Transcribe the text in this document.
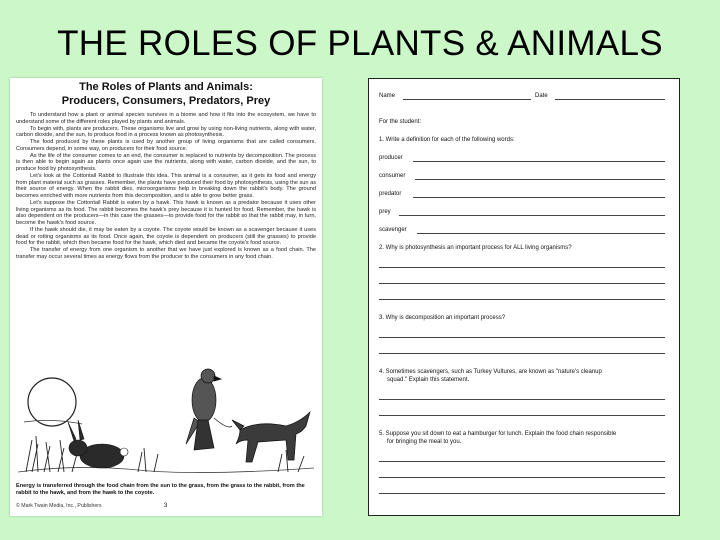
THE ROLES OF PLANTS & ANIMALS
The Roles of Plants and Animals:
Producers, Consumers, Predators, Prey

To understand how a plant or animal species survives in a biome and how it fits into the ecosystem, we have to understand some of the different roles played by plants and animals.

To begin with, plants are producers. These organisms live and grow by using non-living nutrients, along with water, carbon dioxide, and the sun, to produce food in a process known as photosynthesis.

The food produced by these plants is used by another group of living organisms that are called consumers. Consumers depend, in some way, on producers for their food source.

As the life of the consumer comes to an end, the consumer is replaced to nutrients by decomposition. The process is then able to begin again as plants once again use the nutrients, along with water, carbon dioxide, and the sun, to produce food by photosynthesis.

Let's look at the Cottontail Rabbit to illustrate this idea. This animal is a consumer, as it gets its food and energy from plant material such as grasses. Remember, the plants have produced their food by photosynthesis, using the sun as their source of energy. When the rabbit dies, microorganisms help in breaking down the rabbit's body. The ground becomes enriched with more nutrients from this decomposition, and is able to grow better grass.

Let's suppose the Cottontail Rabbit is eaten by a hawk. This hawk is known as a predator because it uses other living organisms as its food. The rabbit becomes the hawk's prey because it is hunted for food. Remember, the hawk is also dependent on the producers—in this case the grasses—to provide food for the rabbit so that the rabbit may, in turn, become the hawk's food source.

If the hawk should die, it may be eaten by a coyote. The coyote would be known as a scavenger because it uses dead or rotting organisms as its food. Once again, the coyote is dependent on producers (still the grasses) to provide food for the rabbit, which then became food for the hawk, which died and became the coyote's food source.

The transfer of energy from one organism to another that we have just explored is known as a food chain. The transfer may occur several times as energy flows from the producer to the consumers in any food chain.

Energy is transferred through the food chain from the sun to the grass, from the grass to the rabbit, from the rabbit to the hawk, and from the hawk to the coyote.
© Mark Twain Media, Inc., Publishers	3
Name	Date
For the student:
1. Write a definition for each of the following words:
producer
consumer
predator
prey
scavenger
2. Why is photosynthesis an important process for ALL living organisms?
3. Why is decomposition an important process?
4. Sometimes scavengers, such as Turkey Vultures, are known as "nature's cleanup
squad." Explain this statement.
5. Suppose you sit down to eat a hamburger for lunch. Explain the food chain responsible
for bringing the meal to you.
